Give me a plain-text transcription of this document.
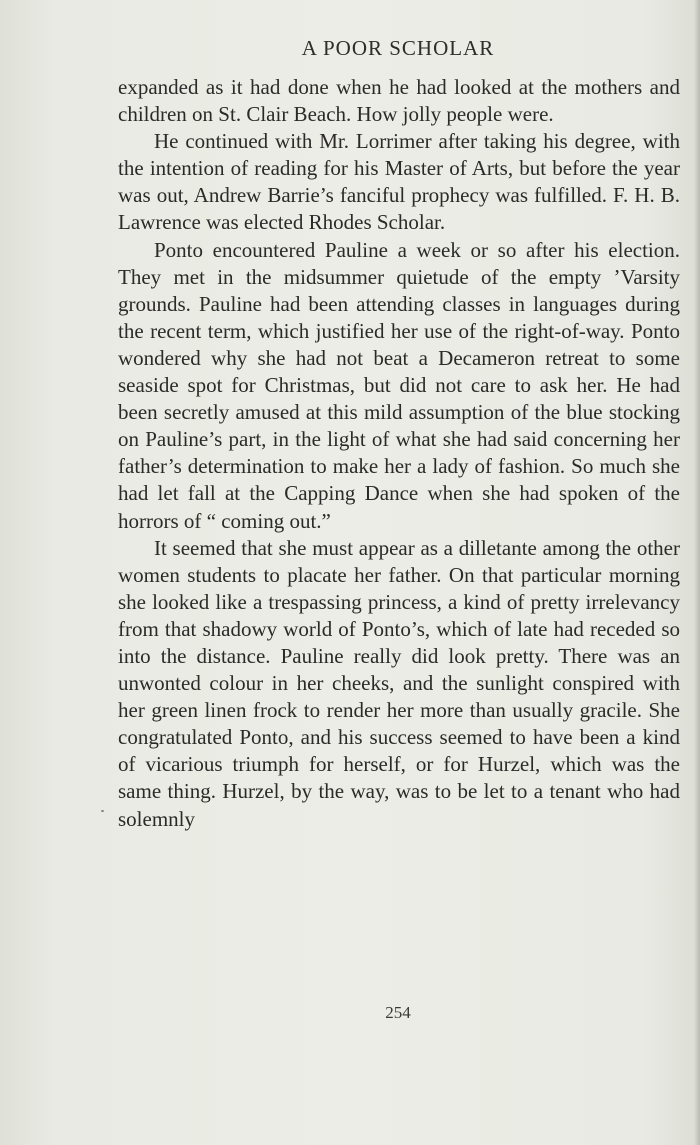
A POOR SCHOLAR

expanded as it had done when he had looked at the mothers and children on St. Clair Beach. How jolly people were.

He continued with Mr. Lorrimer after taking his degree, with the intention of reading for his Master of Arts, but before the year was out, Andrew Barrie’s fanciful prophecy was fulfilled. F. H. B. Lawrence was elected Rhodes Scholar.

Ponto encountered Pauline a week or so after his election. They met in the midsummer quietude of the empty ’Varsity grounds. Pauline had been attending classes in languages during the recent term, which justified her use of the right-of-way. Ponto wondered why she had not beat a Decameron retreat to some seaside spot for Christmas, but did not care to ask her. He had been secretly amused at this mild assumption of the blue stocking on Pauline’s part, in the light of what she had said concerning her father’s determination to make her a lady of fashion. So much she had let fall at the Capping Dance when she had spoken of the horrors of “ coming out.”

It seemed that she must appear as a dilletante among the other women students to placate her father. On that particular morning she looked like a trespassing princess, a kind of pretty irrelevancy from that shadowy world of Ponto’s, which of late had receded so into the distance. Pauline really did look pretty. There was an unwonted colour in her cheeks, and the sunlight conspired with her green linen frock to render her more than usually gracile. She congratulated Ponto, and his success seemed to have been a kind of vicarious triumph for herself, or for Hurzel, which was the same thing. Hurzel, by the way, was to be let to a tenant who had solemnly

254
